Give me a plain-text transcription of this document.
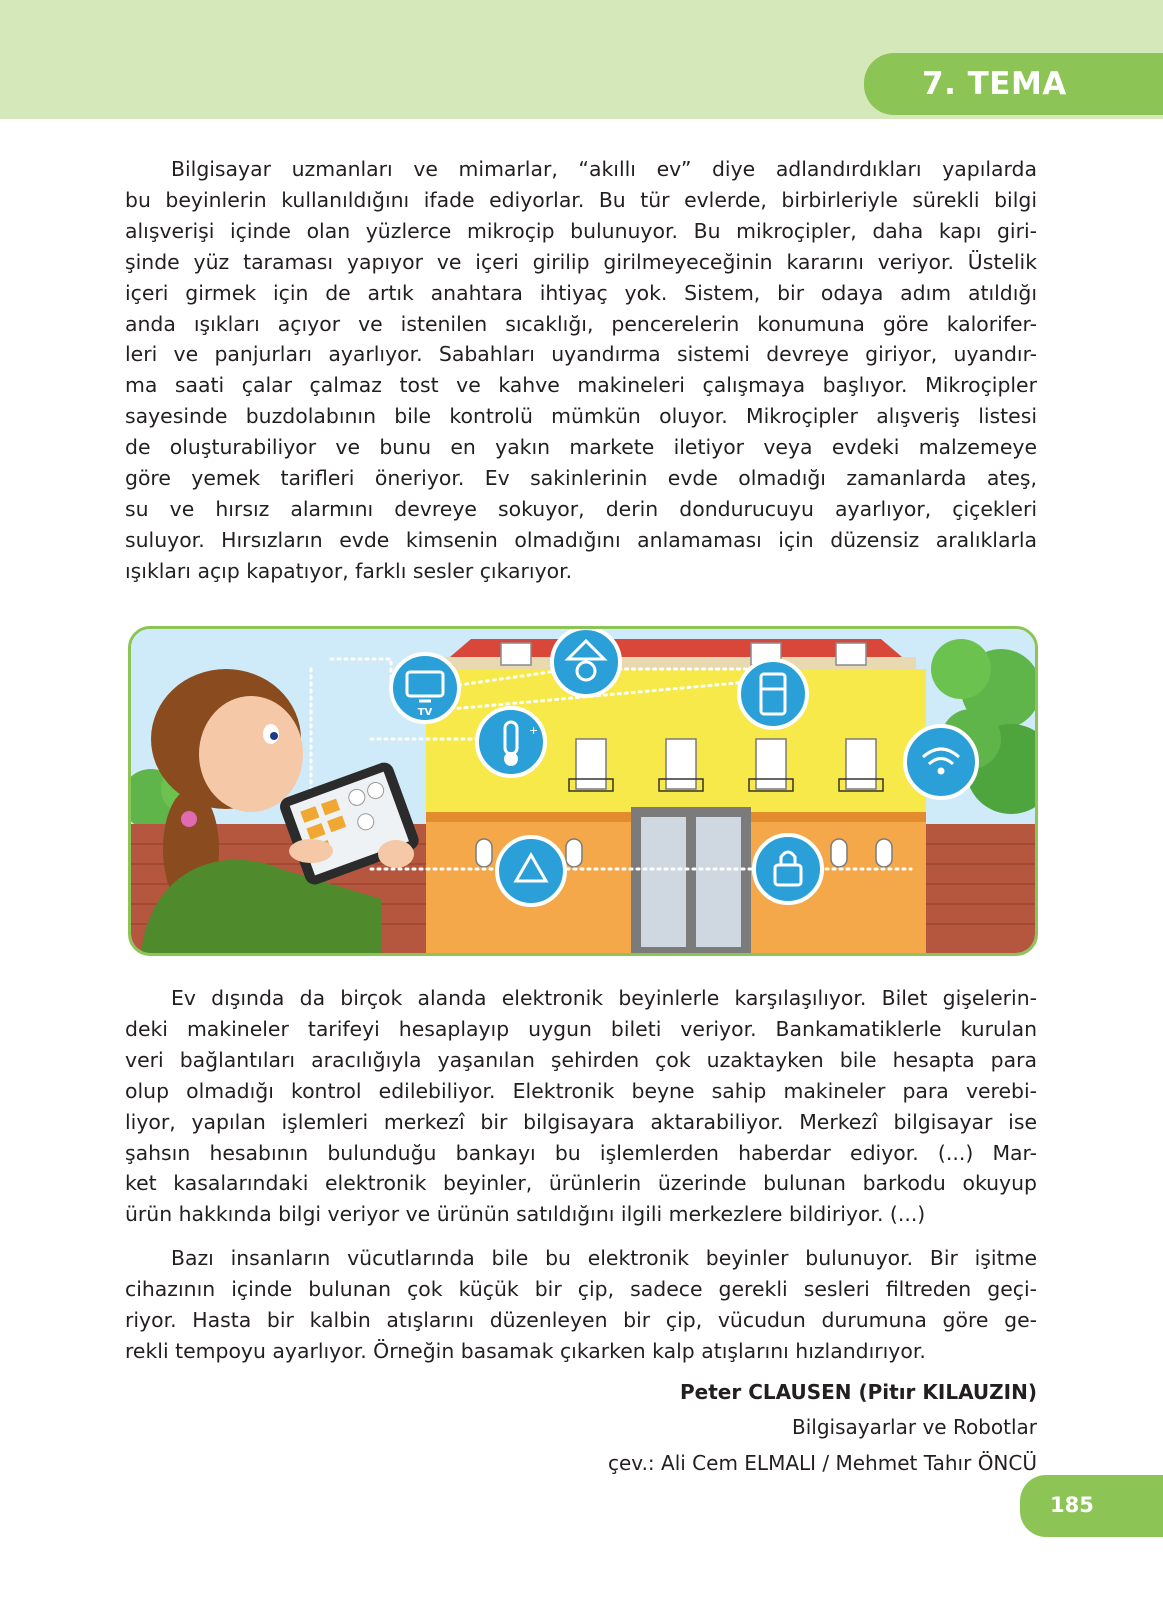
7. TEMA
Bilgisayar uzmanları ve mimarlar, “akıllı ev” diye adlandırdıkları yapılarda
bu beyinlerin kullanıldığını ifade ediyorlar. Bu tür evlerde, birbirleriyle sürekli bilgi
alışverişi içinde olan yüzlerce mikroçip bulunuyor. Bu mikroçipler, daha kapı giri-
şinde yüz taraması yapıyor ve içeri girilip girilmeyeceğinin kararını veriyor. Üstelik
içeri girmek için de artık anahtara ihtiyaç yok. Sistem, bir odaya adım atıldığı
anda ışıkları açıyor ve istenilen sıcaklığı, pencerelerin konumuna göre kalorifer-
leri ve panjurları ayarlıyor. Sabahları uyandırma sistemi devreye giriyor, uyandır-
ma saati çalar çalmaz tost ve kahve makineleri çalışmaya başlıyor. Mikroçipler
sayesinde buzdolabının bile kontrolü mümkün oluyor. Mikroçipler alışveriş listesi
de oluşturabiliyor ve bunu en yakın markete iletiyor veya evdeki malzemeye
göre yemek tarifleri öneriyor. Ev sakinlerinin evde olmadığı zamanlarda ateş,
su ve hırsız alarmını devreye sokuyor, derin dondurucuyu ayarlıyor, çiçekleri
suluyor. Hırsızların evde kimsenin olmadığını anlamaması için düzensiz aralıklarla
ışıkları açıp kapatıyor, farklı sesler çıkarıyor.
TV
+
Ev dışında da birçok alanda elektronik beyinlerle karşılaşılıyor. Bilet gişelerin-
deki makineler tarifeyi hesaplayıp uygun bileti veriyor. Bankamatiklerle kurulan
veri bağlantıları aracılığıyla yaşanılan şehirden çok uzaktayken bile hesapta para
olup olmadığı kontrol edilebiliyor. Elektronik beyne sahip makineler para verebi-
liyor, yapılan işlemleri merkezî bir bilgisayara aktarabiliyor. Merkezî bilgisayar ise
şahsın hesabının bulunduğu bankayı bu işlemlerden haberdar ediyor. (...) Mar-
ket kasalarındaki elektronik beyinler, ürünlerin üzerinde bulunan barkodu okuyup
ürün hakkında bilgi veriyor ve ürünün satıldığını ilgili merkezlere bildiriyor. (...)
Bazı insanların vücutlarında bile bu elektronik beyinler bulunuyor. Bir işitme
cihazının içinde bulunan çok küçük bir çip, sadece gerekli sesleri filtreden geçi-
riyor. Hasta bir kalbin atışlarını düzenleyen bir çip, vücudun durumuna göre ge-
rekli tempoyu ayarlıyor. Örneğin basamak çıkarken kalp atışlarını hızlandırıyor.
Peter CLAUSEN (Pitır KILAUZIN)
Bilgisayarlar ve Robotlar
çev.: Ali Cem ELMALI / Mehmet Tahır ÖNCÜ
185
